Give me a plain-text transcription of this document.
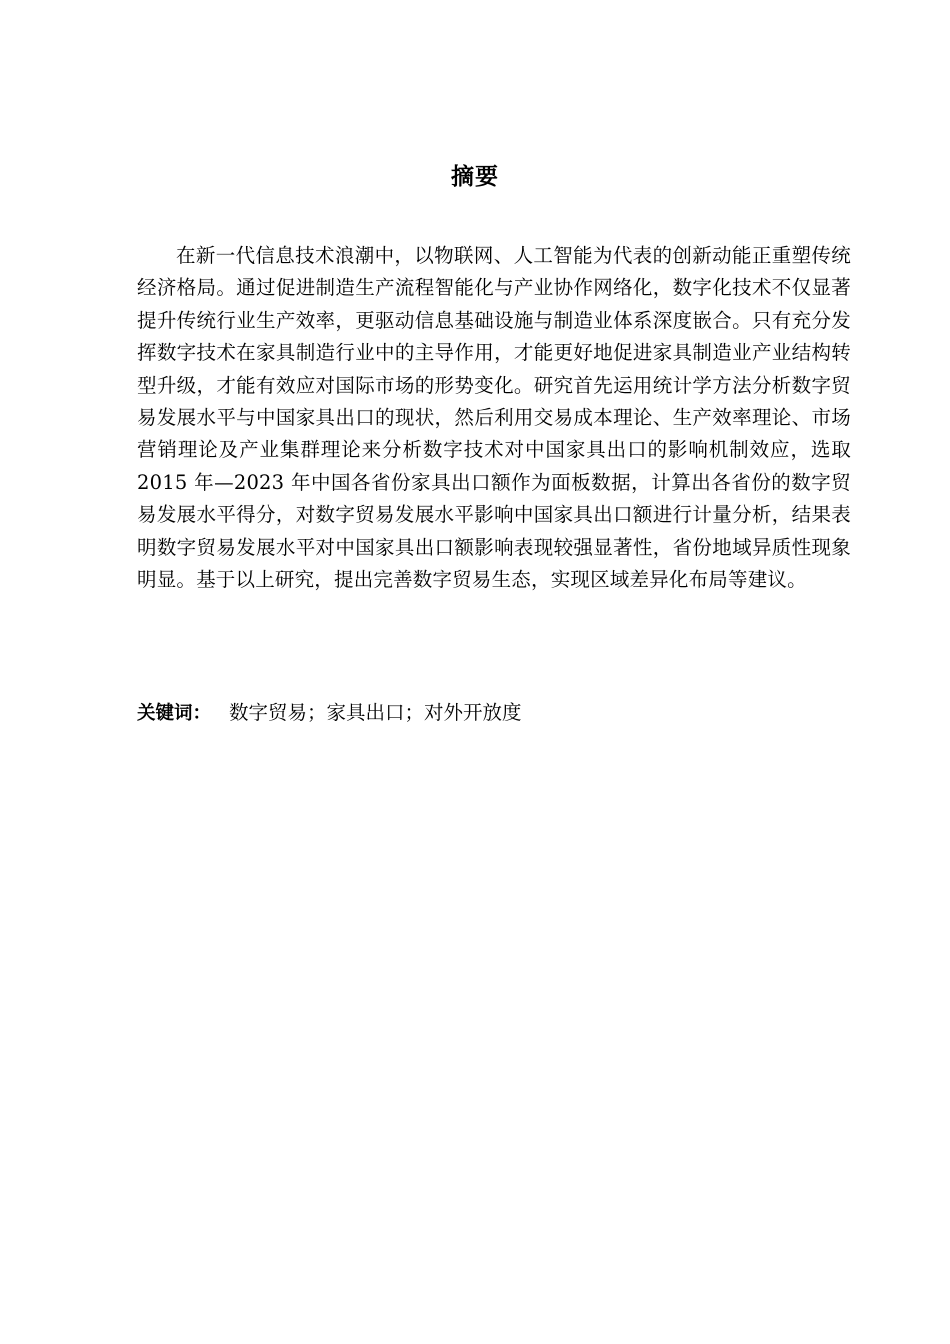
摘要

在新一代信息技术浪潮中，以物联网、人工智能为代表的创新动能正重塑传统经济格局。通过促进制造生产流程智能化与产业协作网络化，数字化技术不仅显著提升传统行业生产效率，更驱动信息基础设施与制造业体系深度嵌合。只有充分发挥数字技术在家具制造行业中的主导作用，才能更好地促进家具制造业产业结构转型升级，才能有效应对国际市场的形势变化。研究首先运用统计学方法分析数字贸易发展水平与中国家具出口的现状，然后利用交易成本理论、生产效率理论、市场营销理论及产业集群理论来分析数字技术对中国家具出口的影响机制效应，选取 2015 年—2023 年中国各省份家具出口额作为面板数据，计算出各省份的数字贸易发展水平得分，对数字贸易发展水平影响中国家具出口额进行计量分析，结果表明数字贸易发展水平对中国家具出口额影响表现较强显著性，省份地域异质性现象明显。基于以上研究，提出完善数字贸易生态，实现区域差异化布局等建议。

关键词： 数字贸易；家具出口；对外开放度
